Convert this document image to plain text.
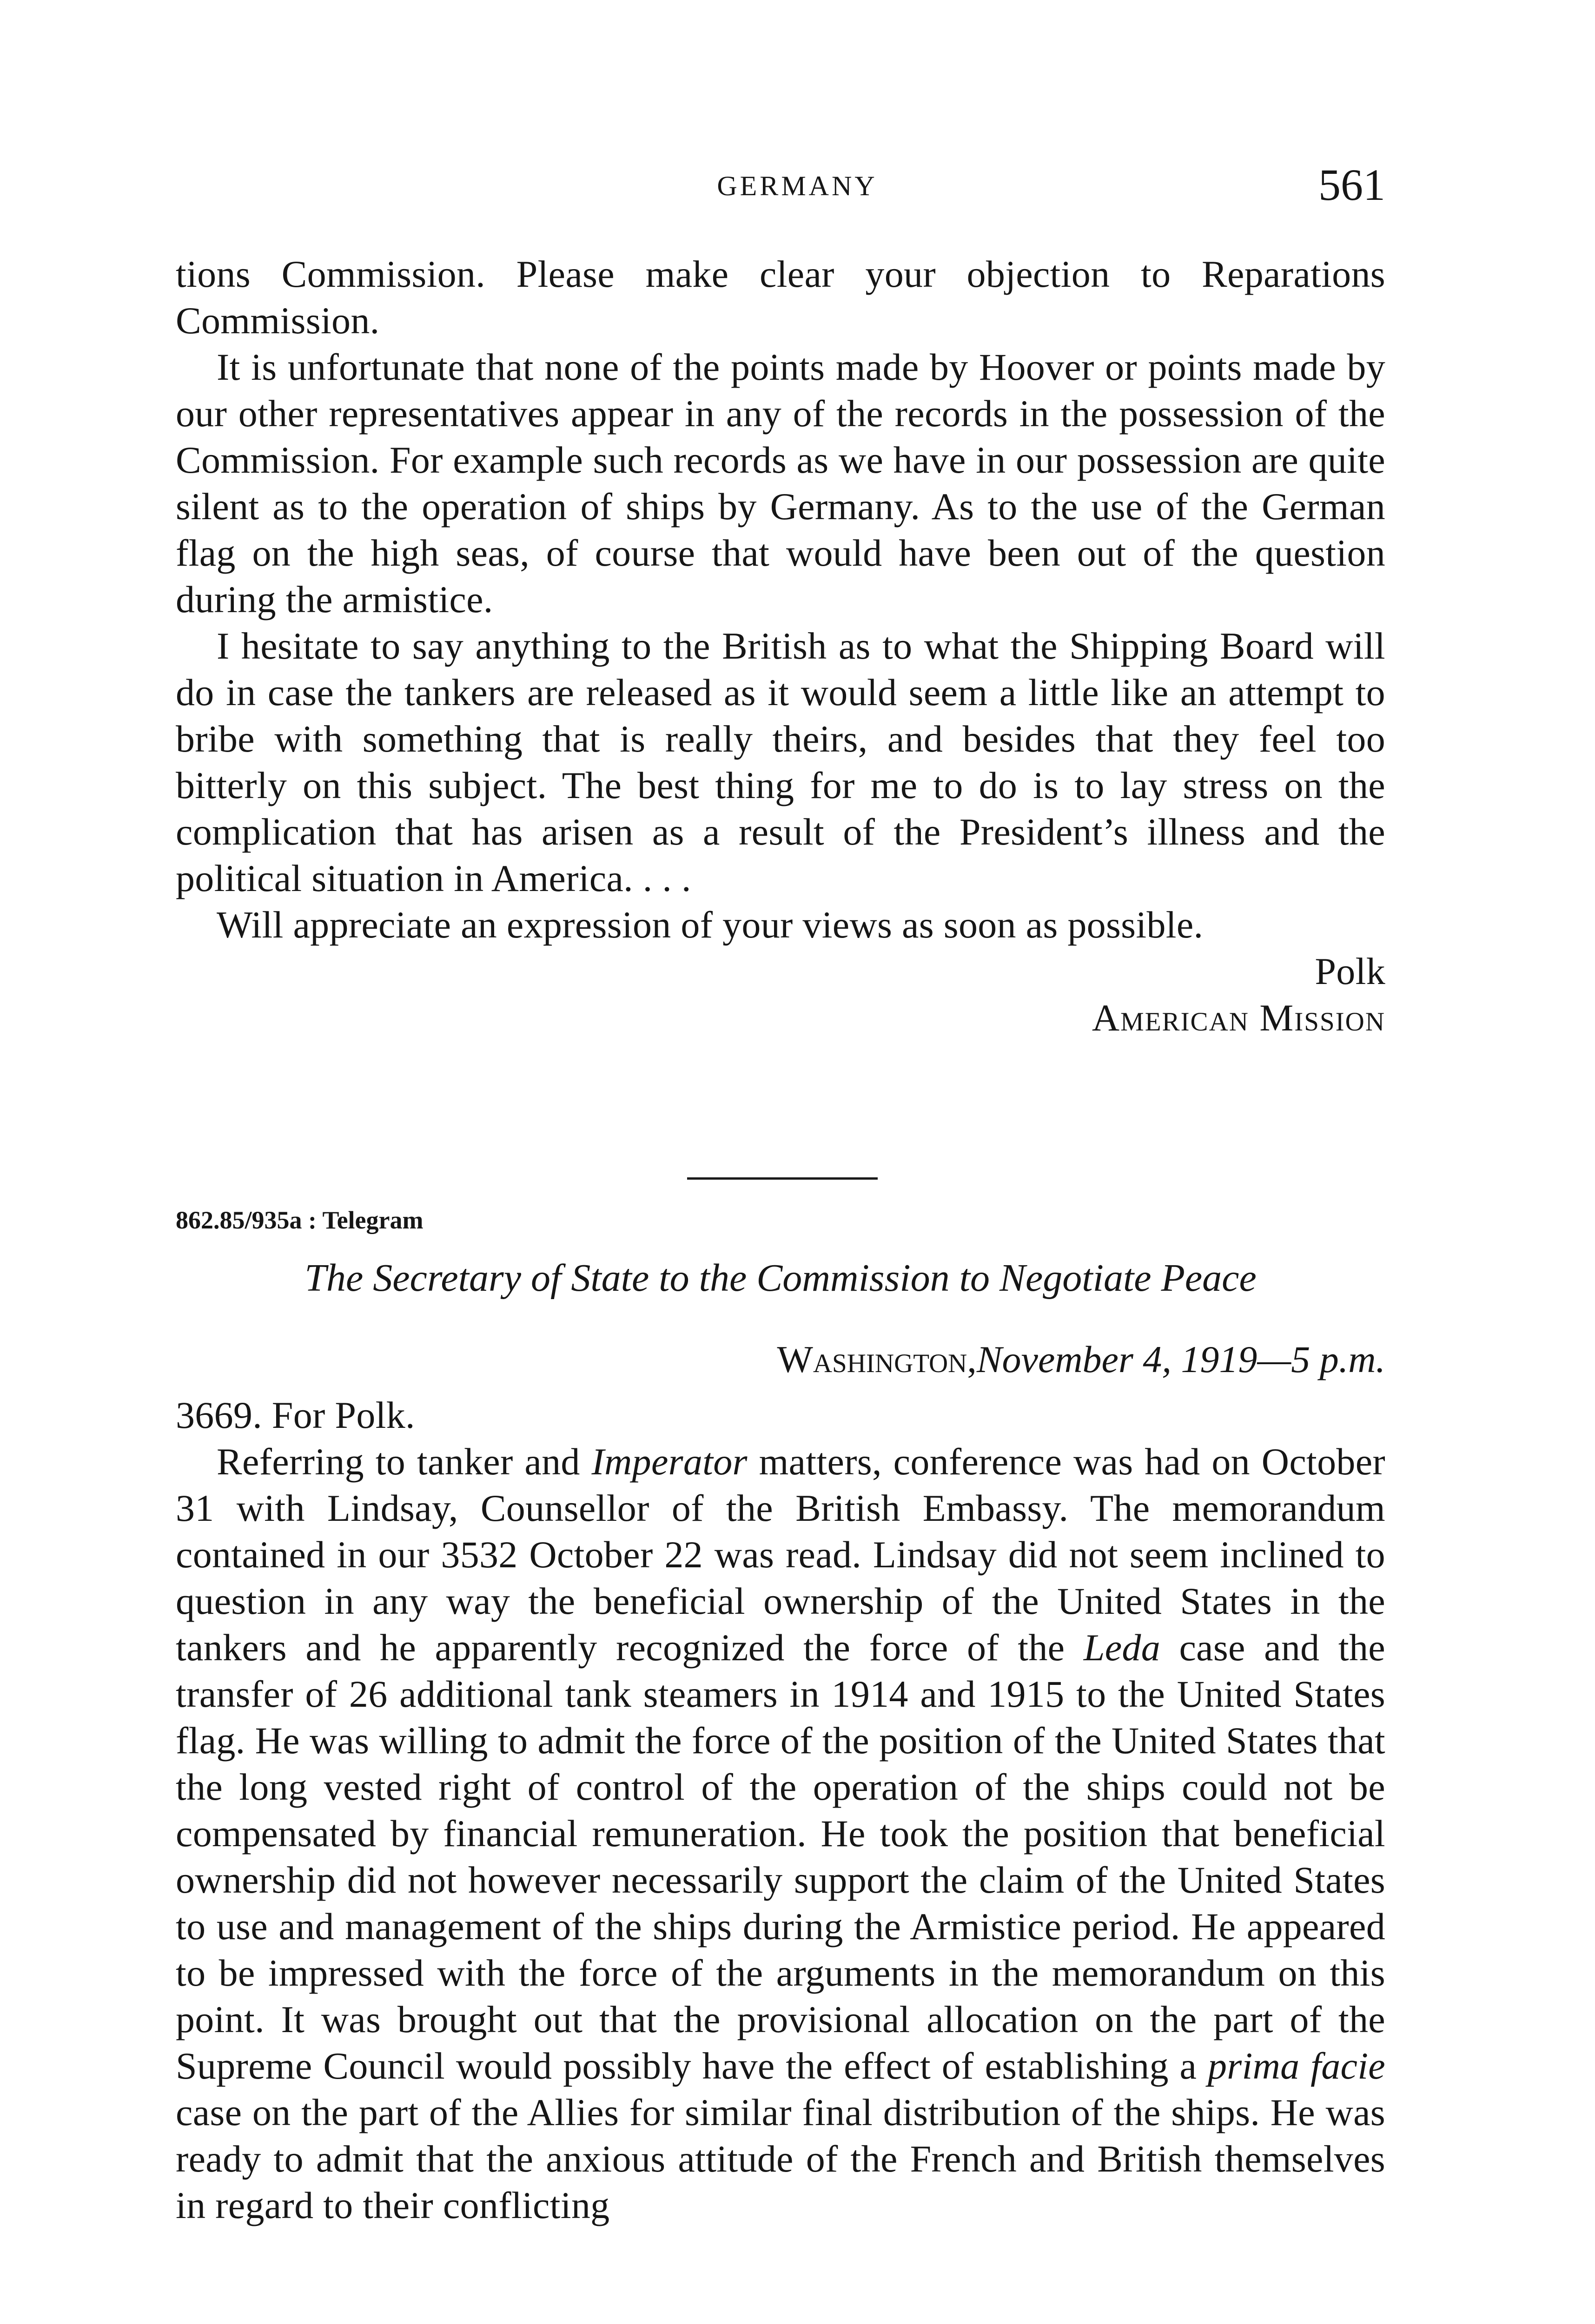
GERMANY	561

tions Commission. Please make clear your objection to Reparations Commission.

It is unfortunate that none of the points made by Hoover or points made by our other representatives appear in any of the records in the possession of the Commission. For example such records as we have in our possession are quite silent as to the operation of ships by Germany. As to the use of the German flag on the high seas, of course that would have been out of the question during the armistice.

I hesitate to say anything to the British as to what the Shipping Board will do in case the tankers are released as it would seem a little like an attempt to bribe with something that is really theirs, and besides that they feel too bitterly on this subject. The best thing for me to do is to lay stress on the complication that has arisen as a result of the President’s illness and the political situation in America. . . .

Will appreciate an expression of your views as soon as possible.

Polk

American Mission

862.85/935a : Telegram
The Secretary of State to the Commission to Negotiate Peace
Washington,November 4, 1919—5 p.m.

3669. For Polk.

Referring to tanker and Imperator matters, conference was had on October 31 with Lindsay, Counsellor of the British Embassy. The memorandum contained in our 3532 October 22 was read. Lindsay did not seem inclined to question in any way the beneficial ownership of the United States in the tankers and he apparently recognized the force of the Leda case and the transfer of 26 additional tank steamers in 1914 and 1915 to the United States flag. He was willing to admit the force of the position of the United States that the long vested right of control of the operation of the ships could not be compensated by financial remuneration. He took the position that beneficial ownership did not however necessarily support the claim of the United States to use and management of the ships during the Armistice period. He appeared to be impressed with the force of the arguments in the memorandum on this point. It was brought out that the provisional allocation on the part of the Supreme Council would possibly have the effect of establishing a prima facie case on the part of the Allies for similar final distribution of the ships. He was ready to admit that the anxious attitude of the French and British themselves in regard to their conflicting
